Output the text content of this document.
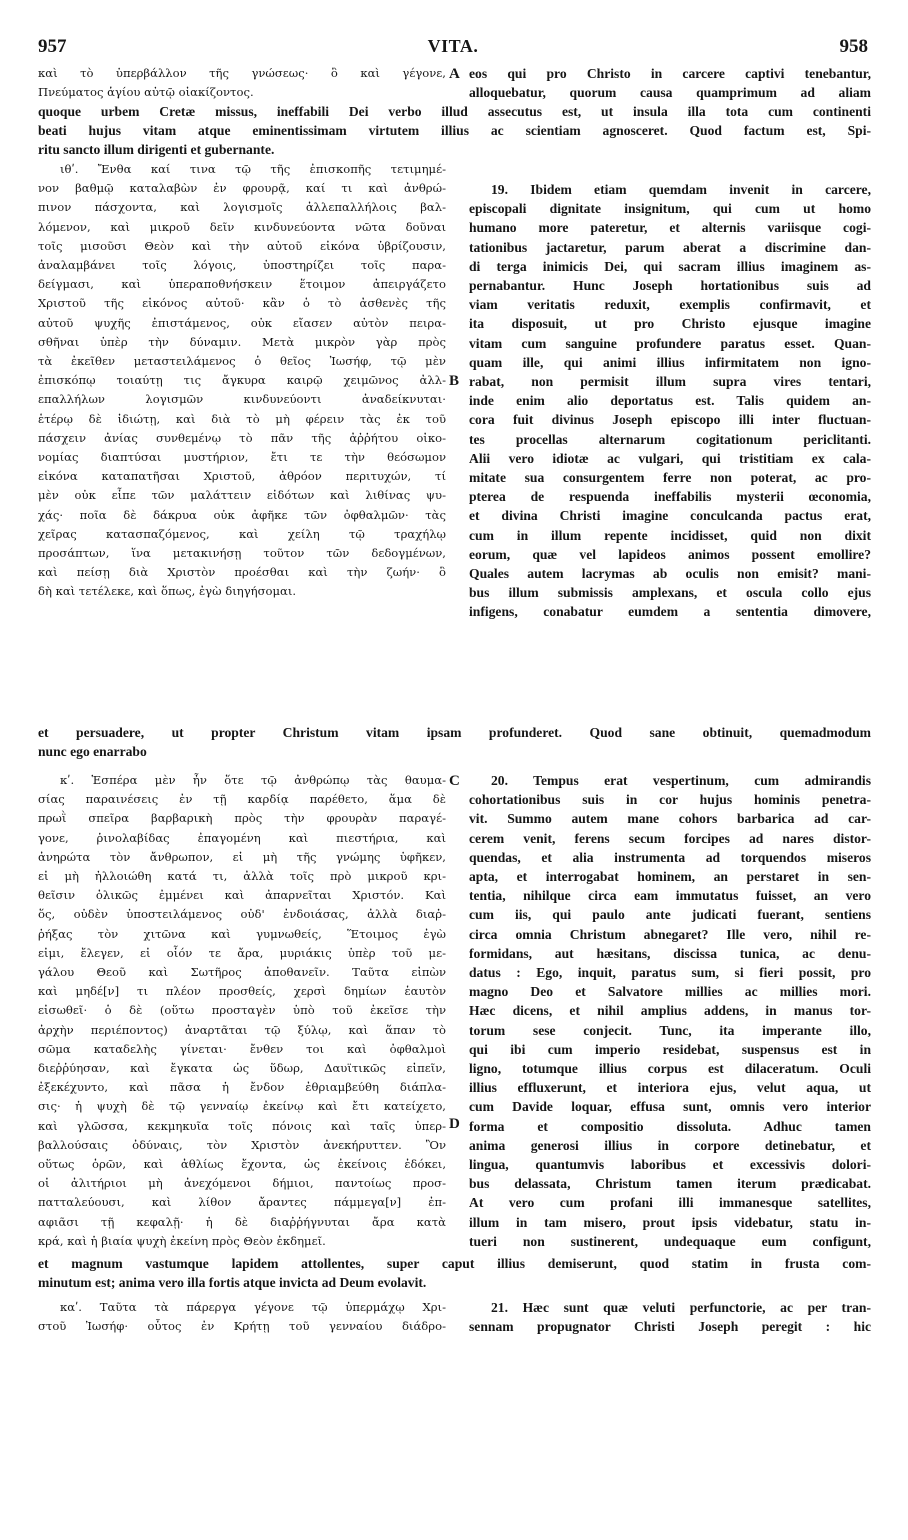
957	VITA.	958
καὶ τὸ ὑπερβάλλον τῆς γνώσεως· ὃ καὶ γέγονε,
Πνεύματος ἁγίου αὐτῷ οἰακίζοντος.
A eos qui pro Christo in carcere captivi tenebantur,
alloquebatur, quorum causa quamprimum ad aliam
quoque urbem Cretæ missus, ineffabili Dei verbo illud assecutus est, ut insula illa tota cum continenti
beati hujus vitam atque eminentissimam virtutem illius ac scientiam agnosceret. Quod factum est, Spi-
ritu sancto illum dirigenti et gubernante.
ιθʹ. Ἔνθα καί τινα τῷ τῆς ἐπισκοπῆς τετιμημέ-
νον βαθμῷ καταλαβὼν ἐν φρουρᾷ, καί τι καὶ ἀνθρώ-
πινον πάσχοντα, καὶ λογισμοῖς ἀλλεπαλλήλοις βαλ-
λόμενον, καὶ μικροῦ δεῖν κινδυνεύοντα νῶτα δοῦναι
τοῖς μισοῦσι Θεὸν καὶ τὴν αὐτοῦ εἰκόνα ὑβρίζουσιν,
ἀναλαμβάνει τοῖς λόγοις, ὑποστηρίζει τοῖς παρα-
δείγμασι, καὶ ὑπεραποθνήσκειν ἕτοιμον ἀπειργάζετο
Χριστοῦ τῆς εἰκόνος αὐτοῦ· κἂν ὁ τὸ ἀσθενὲς τῆς
αὐτοῦ ψυχῆς ἐπιστάμενος, οὐκ εἴασεν αὐτὸν πειρα-
σθῆναι ὑπὲρ τὴν δύναμιν. Μετὰ μικρὸν γὰρ πρὸς
τὰ ἐκεῖθεν μεταστειλάμενος ὁ θεῖος Ἰωσήφ, τῷ μὲν
ἐπισκόπῳ τοιαύτῃ τις ἄγκυρα καιρῷ χειμῶνος ἀλλ-
επαλλήλων λογισμῶν κινδυνεύοντι ἀναδείκνυται·
ἑτέρῳ δὲ ἰδιώτῃ, καὶ διὰ τὸ μὴ φέρειν τὰς ἐκ τοῦ
πάσχειν ἀνίας συνθεμένῳ τὸ πᾶν τῆς ἀῤῥήτου οἰκο-
νομίας διαπτύσαι μυστήριον, ἔτι τε τὴν θεόσωμον
εἰκόνα καταπατῆσαι Χριστοῦ, ἀθρόον περιτυχών, τί
μὲν οὐκ εἶπε τῶν μαλάττειν εἰδότων καὶ λιθίνας ψυ-
χάς· ποῖα δὲ δάκρυα οὐκ ἀφῆκε τῶν ὀφθαλμῶν· τὰς
χεῖρας κατασπαζόμενος, καὶ χείλη τῷ τραχήλῳ
προσάπτων, ἵνα μετακινήσῃ τοῦτον τῶν δεδογμένων,
καὶ πείσῃ διὰ Χριστὸν προέσθαι καὶ τὴν ζωήν· ὃ
δὴ καὶ τετέλεκε, καὶ ὅπως, ἐγὼ διηγήσομαι.
B
19. Ibidem etiam quemdam invenit in carcere,
episcopali dignitate insignitum, qui cum ut homo
humano more pateretur, et alternis variisque cogi-
tationibus jactaretur, parum aberat a discrimine dan-
di terga inimicis Dei, qui sacram illius imaginem as-
pernabantur. Hunc Joseph hortationibus suis ad
viam veritatis reduxit, exemplis confirmavit, et
ita disposuit, ut pro Christo ejusque imagine
vitam cum sanguine profundere paratus esset. Quan-
quam ille, qui animi illius infirmitatem non igno-
rabat, non permisit illum supra vires tentari,
inde enim alio deportatus est. Talis quidem an-
cora fuit divinus Joseph episcopo illi inter fluctuan-
tes procellas alternarum cogitationum periclitanti.
Alii vero idiotæ ac vulgari, qui tristitiam ex cala-
mitate sua consurgentem ferre non poterat, ac pro-
pterea de respuenda ineffabilis mysterii œconomia,
et divina Christi imagine conculcanda pactus erat,
cum in illum repente incidisset, quid non dixit
eorum, quæ vel lapideos animos possent emollire?
Quales autem lacrymas ab oculis non emisit? mani-
bus illum submissis amplexans, et oscula collo ejus
infigens, conabatur eumdem a sententia dimovere,
et persuadere, ut propter Christum vitam ipsam profunderet. Quod sane obtinuit, quemadmodum
nunc ego enarrabo
κʹ. Ἑσπέρα μὲν ἦν ὅτε τῷ ἀνθρώπῳ τὰς θαυμα-
σίας παραινέσεις ἐν τῇ καρδίᾳ παρέθετο, ἅμα δὲ
πρωῒ σπεῖρα βαρβαρικὴ πρὸς τὴν φρουρὰν παραγέ-
γονε, ῥινολαβίδας ἐπαγομένη καὶ πιεστήρια, καὶ
ἀνηρώτα τὸν ἄνθρωπον, εἰ μὴ τῆς γνώμης ὑφῆκεν,
εἰ μὴ ἠλλοιώθη κατά τι, ἀλλὰ τοῖς πρὸ μικροῦ κρι-
θεῖσιν ὁλικῶς ἐμμένει καὶ ἀπαρνεῖται Χριστόν. Καὶ
ὅς, οὐδὲν ὑποστειλάμενος οὐδ' ἐνδοιάσας, ἀλλὰ διαῤ-
ῥήξας τὸν χιτῶνα καὶ γυμνωθείς, Ἕτοιμος ἐγὼ
εἰμι, ἔλεγεν, εἰ οἷόν τε ἄρα, μυριάκις ὑπὲρ τοῦ με-
γάλου Θεοῦ καὶ Σωτῆρος ἀποθανεῖν. Ταῦτα εἰπὼν
καὶ μηδέ[ν] τι πλέον προσθείς, χερσὶ δημίων ἑαυτὸν
εἰσωθεῖ· ὁ δὲ (οὕτω προσταγὲν ὑπὸ τοῦ ἐκεῖσε τὴν
ἀρχὴν περιέποντος) ἀναρτᾶται τῷ ξύλῳ, καὶ ἅπαν τὸ
σῶμα καταδελὴς γίνεται· ἔνθεν τοι καὶ ὀφθαλμοὶ
διεῤῥύησαν, καὶ ἔγκατα ὡς ὕδωρ, Δαυϊτικῶς εἰπεῖν,
ἐξεκέχυντο, καὶ πᾶσα ἡ ἔνδον ἐθριαμβεύθη διάπλα-
σις· ἡ ψυχὴ δὲ τῷ γενναίῳ ἐκείνῳ καὶ ἔτι κατείχετο,
καὶ γλῶσσα, κεκμηκυῖα τοῖς πόνοις καὶ ταῖς ὑπερ-
βαλλούσαις ὀδύναις, τὸν Χριστὸν ἀνεκήρυττεν. Ὃν
οὕτως ὁρῶν, καὶ ἀθλίως ἔχοντα, ὡς ἐκείνοις ἐδόκει,
οἱ ἀλιτήριοι μὴ ἀνεχόμενοι δήμιοι, παντοίως προσ-
πατταλεύουσι, καὶ λίθον ἄραντες πάμμεγα[ν] ἐπ-
αφιᾶσι τῇ κεφαλῇ· ἡ δὲ διαῤῥήγνυται ἄρα κατὰ
κρά, καὶ ἡ βιαία ψυχὴ ἐκείνη πρὸς Θεὸν ἐκδημεῖ.
C
D
20. Tempus erat vespertinum, cum admirandis
cohortationibus suis in cor hujus hominis penetra-
vit. Summo autem mane cohors barbarica ad car-
cerem venit, ferens secum forcipes ad nares distor-
quendas, et alia instrumenta ad torquendos miseros
apta, et interrogabat hominem, an perstaret in sen-
tentia, nihilque circa eam immutatus fuisset, an vero
cum iis, qui paulo ante judicati fuerant, sentiens
circa omnia Christum abnegaret? Ille vero, nihil re-
formidans, aut hæsitans, discissa tunica, ac denu-
datus : Ego, inquit, paratus sum, si fieri possit, pro
magno Deo et Salvatore millies ac millies mori.
Hæc dicens, et nihil amplius addens, in manus tor-
torum sese conjecit. Tunc, ita imperante illo,
qui ibi cum imperio residebat, suspensus est in
ligno, totumque illius corpus est dilaceratum. Oculi
illius effluxerunt, et interiora ejus, velut aqua, ut
cum Davide loquar, effusa sunt, omnis vero interior
forma et compositio dissoluta. Adhuc tamen
anima generosi illius in corpore detinebatur, et
lingua, quantumvis laboribus et excessivis dolori-
bus delassata, Christum tamen iterum prædicabat.
At vero cum profani illi immanesque satellites,
illum in tam misero, prout ipsis videbatur, statu in-
tueri non sustinerent, undequaque eum configunt,
et magnum vastumque lapidem attollentes, super caput illius demiserunt, quod statim in frusta com-
minutum est; anima vero illa fortis atque invicta ad Deum evolavit.
καʹ. Ταῦτα τὰ πάρεργα γέγονε τῷ ὑπερμάχῳ Χρι-
στοῦ Ἰωσήφ· οὗτος ἐν Κρήτῃ τοῦ γενναίου διάδρο-
21. Hæc sunt quæ veluti perfunctorie, ac per tran-
sennam propugnator Christi Joseph peregit : hic
